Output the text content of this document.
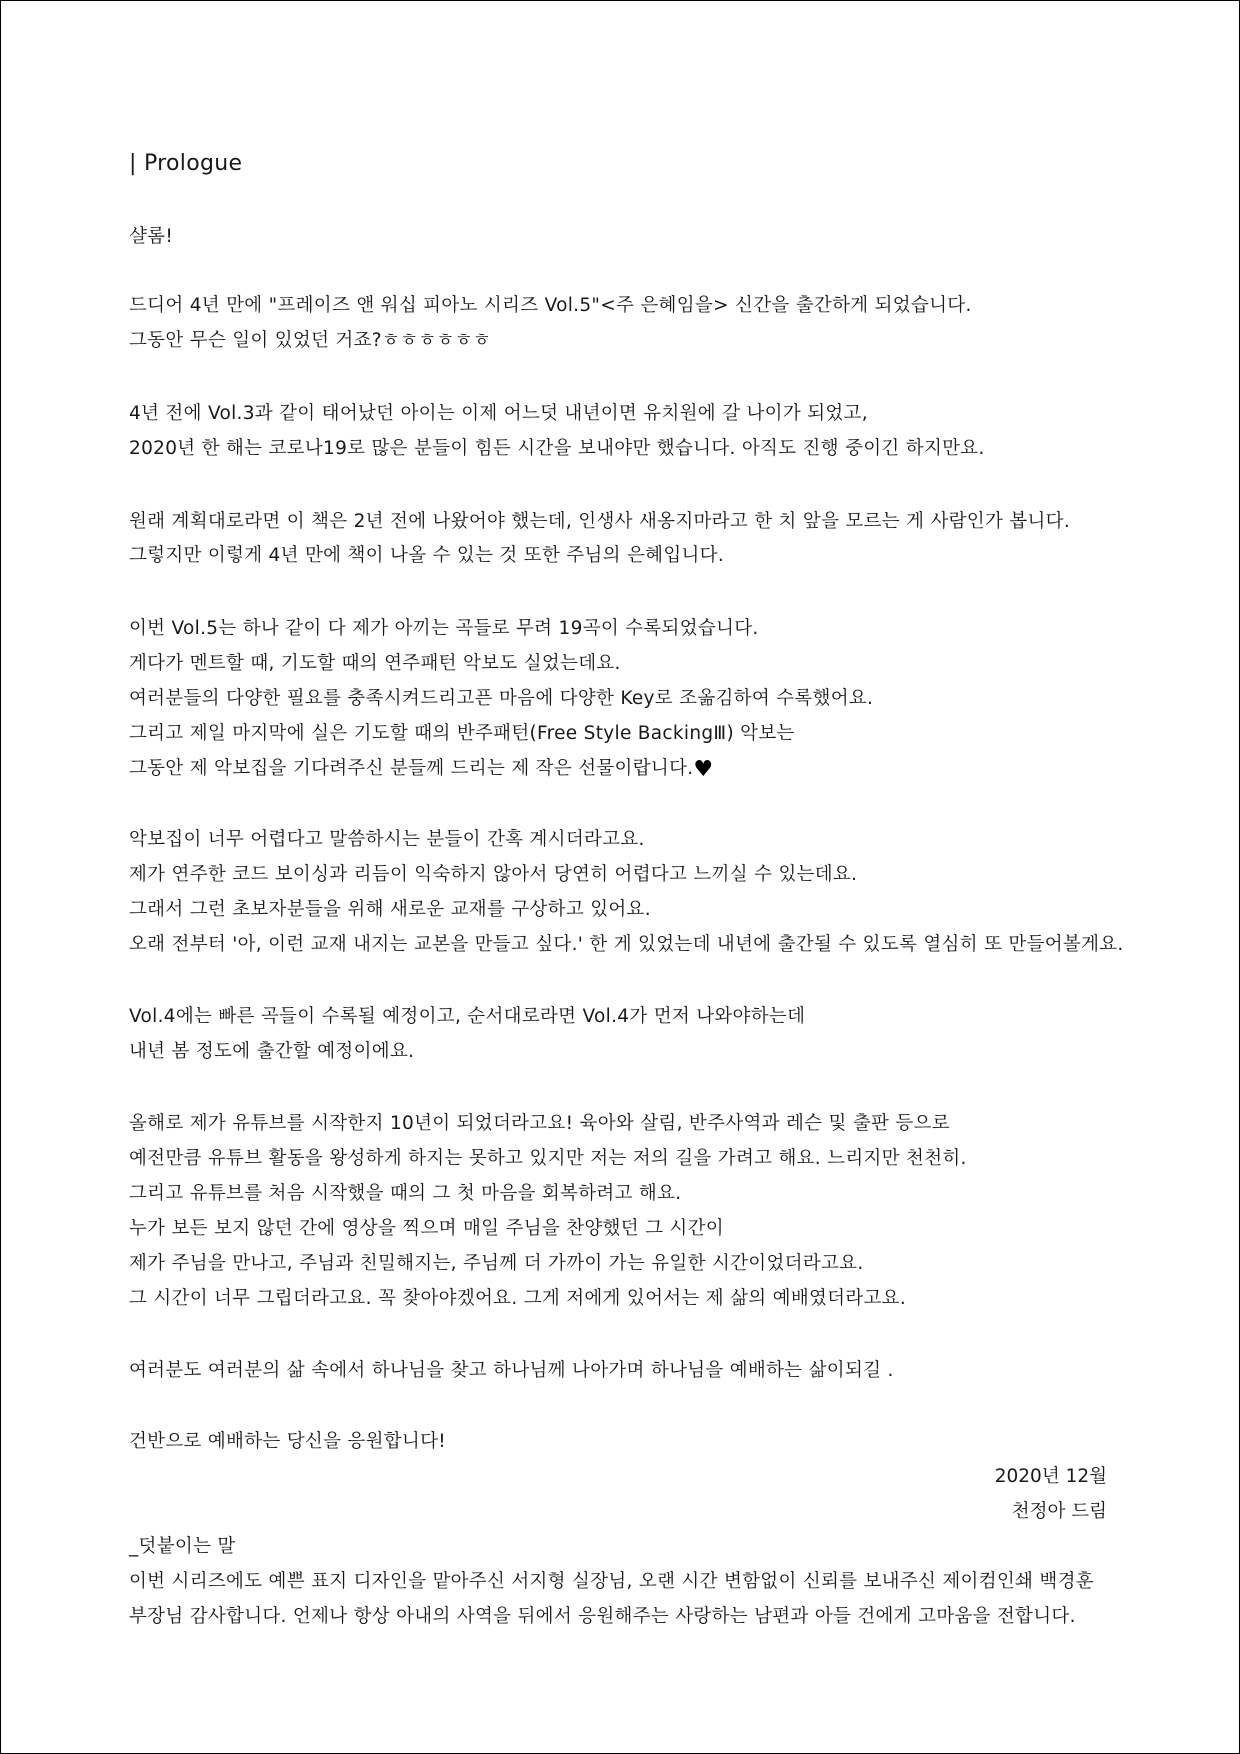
| Prologue
샬롬!
드디어 4년 만에 "프레이즈 앤 워십 피아노 시리즈 Vol.5"<주 은혜임을> 신간을 출간하게 되었습니다.
그동안 무슨 일이 있었던 거죠?ㅎㅎㅎㅎㅎㅎ
4년 전에 Vol.3과 같이 태어났던 아이는 이제 어느덧 내년이면 유치원에 갈 나이가 되었고,
2020년 한 해는 코로나19로 많은 분들이 힘든 시간을 보내야만 했습니다. 아직도 진행 중이긴 하지만요.
원래 계획대로라면 이 책은 2년 전에 나왔어야 했는데, 인생사 새옹지마라고 한 치 앞을 모르는 게 사람인가 봅니다.
그렇지만 이렇게 4년 만에 책이 나올 수 있는 것 또한 주님의 은혜입니다.
이번 Vol.5는 하나 같이 다 제가 아끼는 곡들로 무려 19곡이 수록되었습니다.
게다가 멘트할 때, 기도할 때의 연주패턴 악보도 실었는데요.
여러분들의 다양한 필요를 충족시켜드리고픈 마음에 다양한 Key로 조옮김하여 수록했어요.
그리고 제일 마지막에 실은 기도할 때의 반주패턴(Free Style BackingⅢ) 악보는
그동안 제 악보집을 기다려주신 분들께 드리는 제 작은 선물이랍니다.♥
악보집이 너무 어렵다고 말씀하시는 분들이 간혹 계시더라고요.
제가 연주한 코드 보이싱과 리듬이 익숙하지 않아서 당연히 어렵다고 느끼실 수 있는데요.
그래서 그런 초보자분들을 위해 새로운 교재를 구상하고 있어요.
오래 전부터 '아, 이런 교재 내지는 교본을 만들고 싶다.' 한 게 있었는데 내년에 출간될 수 있도록 열심히 또 만들어볼게요.
Vol.4에는 빠른 곡들이 수록될 예정이고, 순서대로라면 Vol.4가 먼저 나와야하는데
내년 봄 정도에 출간할 예정이에요.
올해로 제가 유튜브를 시작한지 10년이 되었더라고요! 육아와 살림, 반주사역과 레슨 및 출판 등으로
예전만큼 유튜브 활동을 왕성하게 하지는 못하고 있지만 저는 저의 길을 가려고 해요. 느리지만 천천히.
그리고 유튜브를 처음 시작했을 때의 그 첫 마음을 회복하려고 해요.
누가 보든 보지 않던 간에 영상을 찍으며 매일 주님을 찬양했던 그 시간이
제가 주님을 만나고, 주님과 친밀해지는, 주님께 더 가까이 가는 유일한 시간이었더라고요.
그 시간이 너무 그립더라고요. 꼭 찾아야겠어요. 그게 저에게 있어서는 제 삶의 예배였더라고요.
여러분도 여러분의 삶 속에서 하나님을 찾고 하나님께 나아가며 하나님을 예배하는 삶이되길 .
건반으로 예배하는 당신을 응원합니다!
2020년 12월
천정아 드림
_덧붙이는 말
이번 시리즈에도 예쁜 표지 디자인을 맡아주신 서지형 실장님, 오랜 시간 변함없이 신뢰를 보내주신 제이컴인쇄 백경훈
부장님 감사합니다. 언제나 항상 아내의 사역을 뒤에서 응원해주는 사랑하는 남편과 아들 건에게 고마움을 전합니다.
